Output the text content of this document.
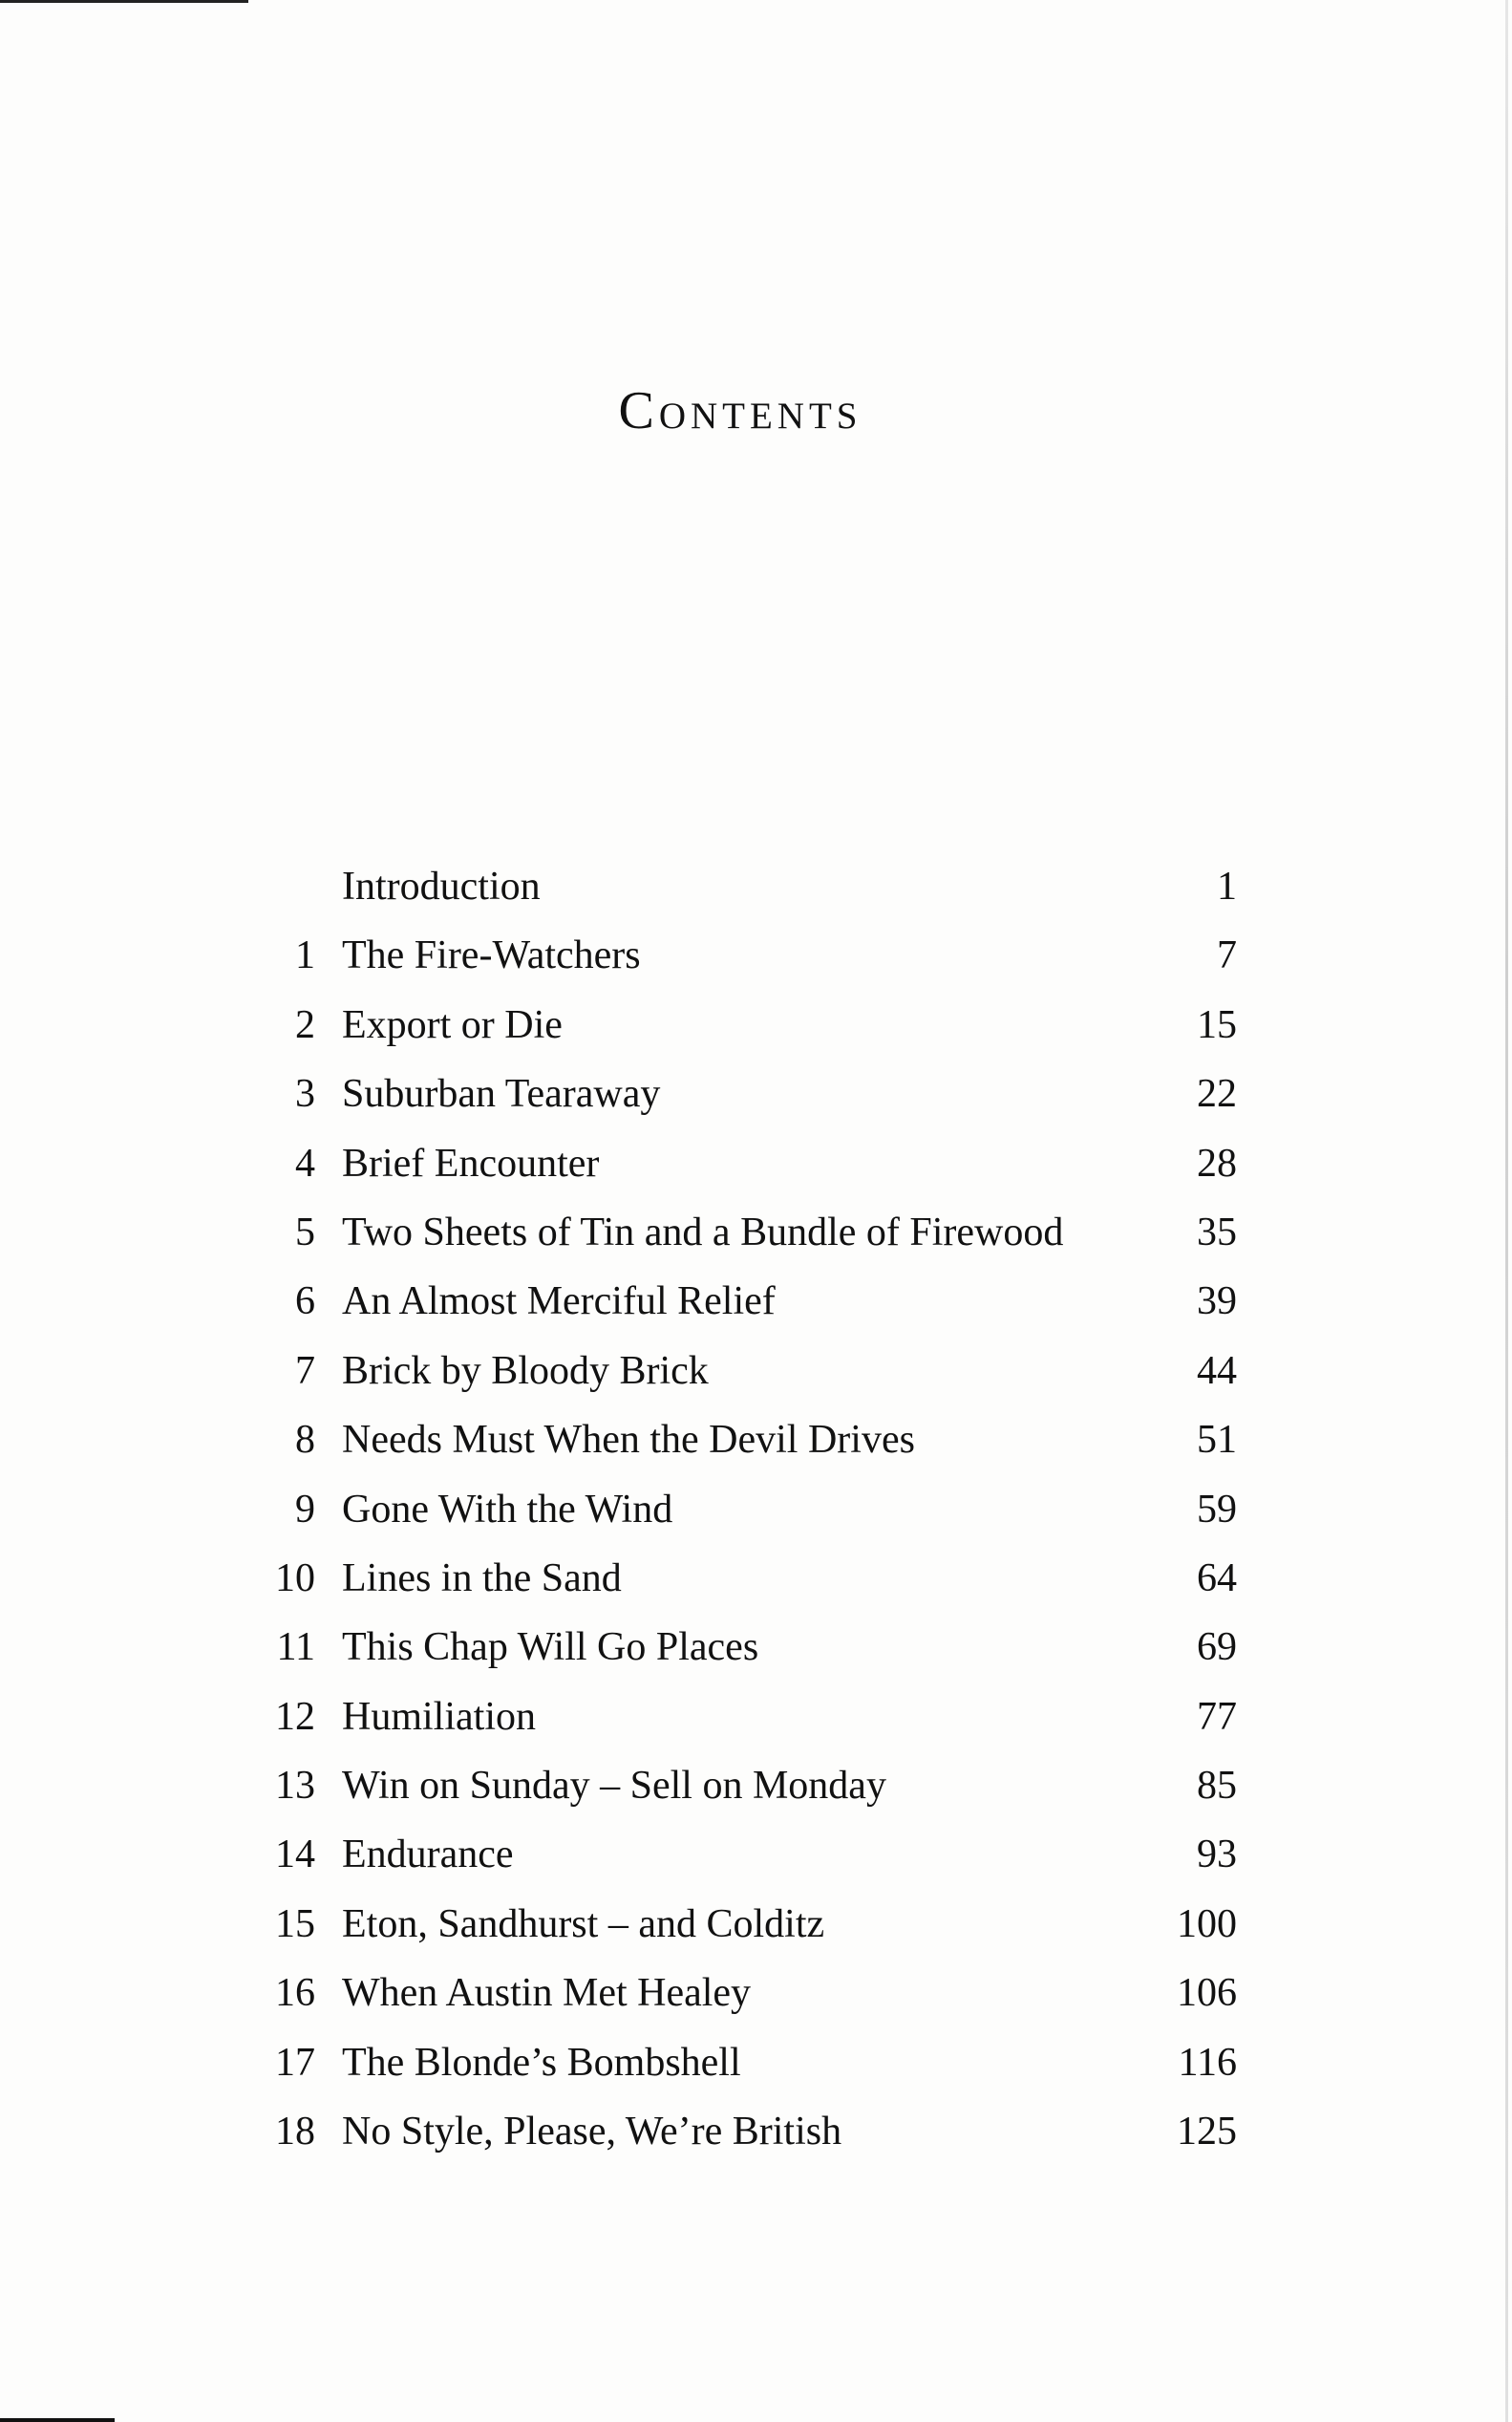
Contents
Introduction	1
1 The Fire-Watchers	7
2 Export or Die	15
3 Suburban Tearaway	22
4 Brief Encounter	28
5 Two Sheets of Tin and a Bundle of Firewood	35
6 An Almost Merciful Relief	39
7 Brick by Bloody Brick	44
8 Needs Must When the Devil Drives	51
9 Gone With the Wind	59
10 Lines in the Sand	64
11 This Chap Will Go Places	69
12 Humiliation	77
13 Win on Sunday – Sell on Monday	85
14 Endurance	93
15 Eton, Sandhurst – and Colditz	100
16 When Austin Met Healey	106
17 The Blonde’s Bombshell	116
18 No Style, Please, We’re British	125
